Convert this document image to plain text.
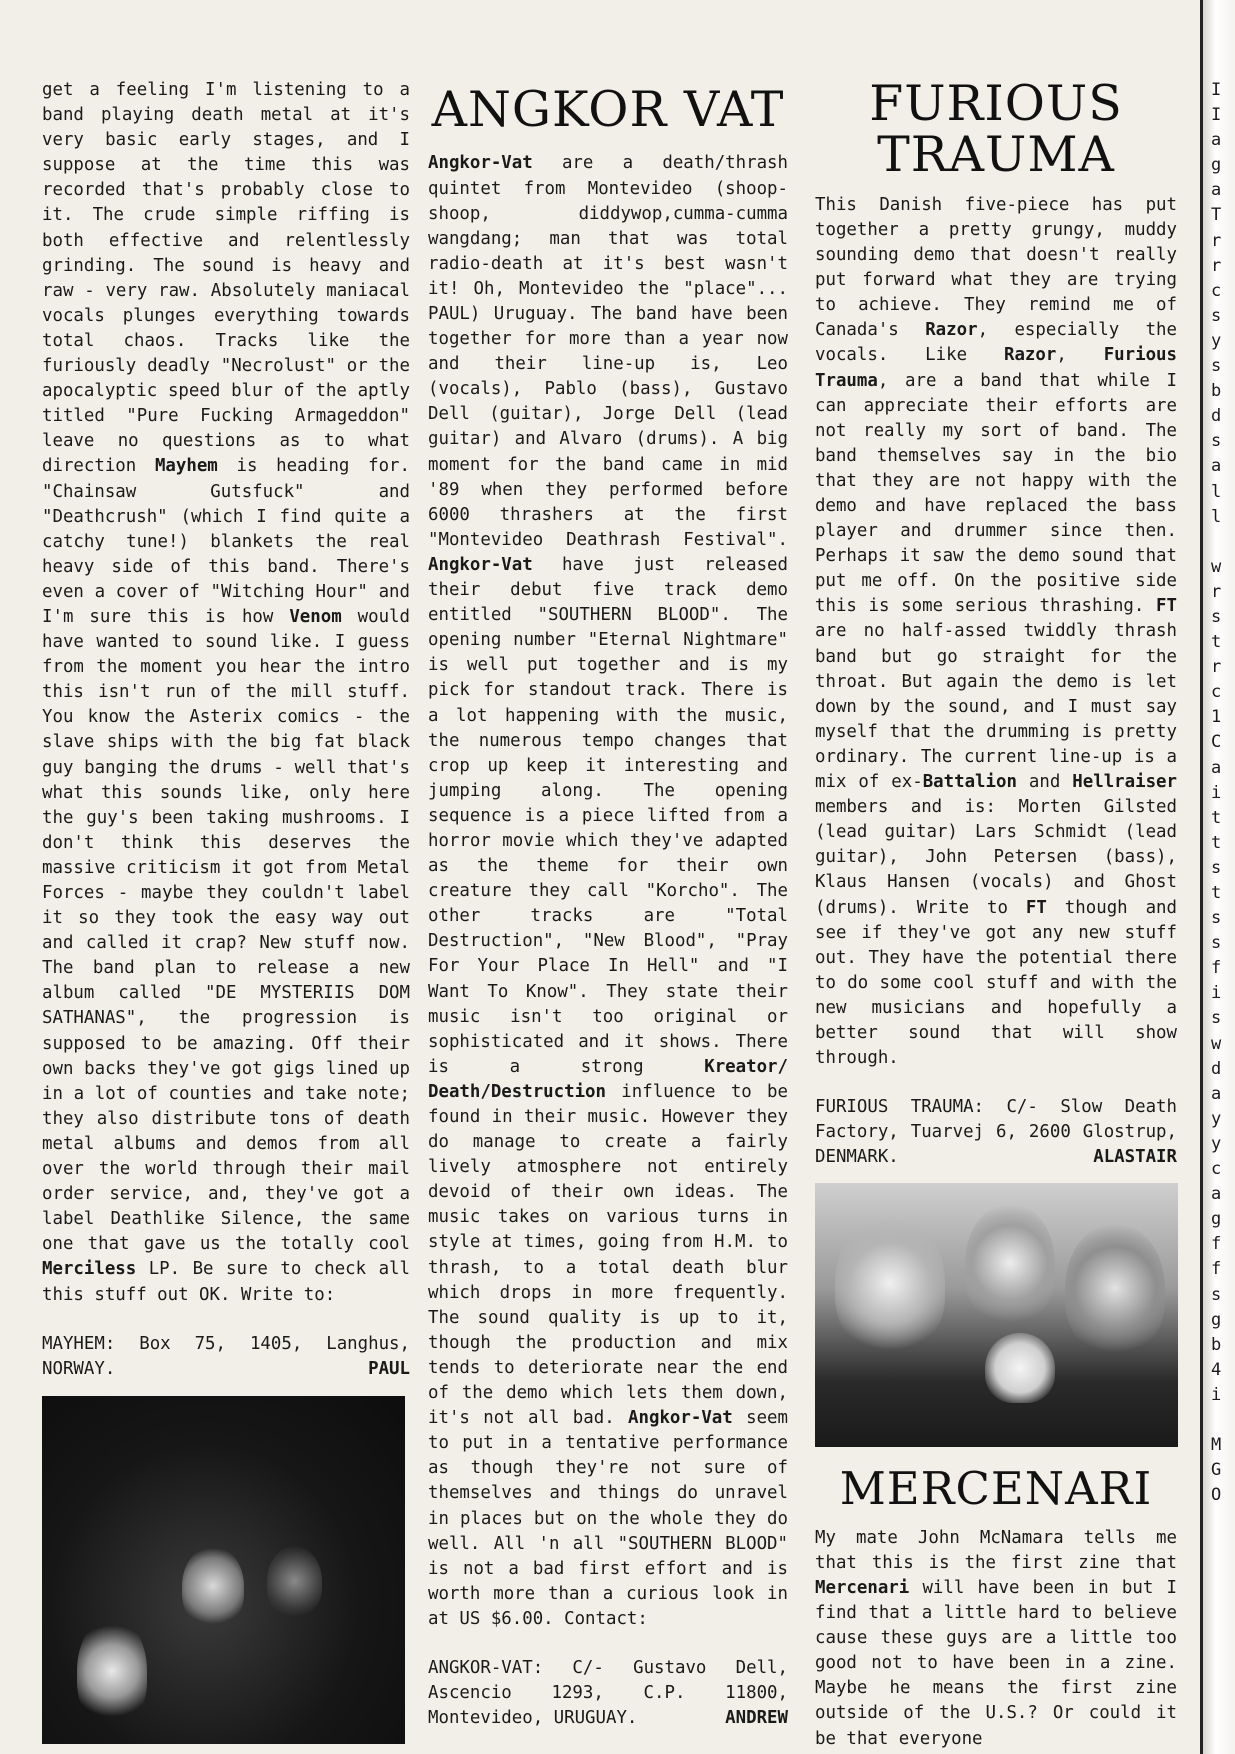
get a feeling I'm listening to a band playing death metal at it's very basic early stages, and I suppose at the time this was recorded that's probably close to it. The crude simple riffing is both effective and relentlessly grinding. The sound is heavy and raw - very raw. Absolutely maniacal vocals plunges everything towards total chaos. Tracks like the furiously deadly "Necrolust" or the apocalyptic speed blur of the aptly titled "Pure Fucking Armageddon" leave no questions as to what direction Mayhem is heading for. "Chainsaw Gutsfuck" and "Deathcrush" (which I find quite a catchy tune!) blankets the real heavy side of this band. There's even a cover of "Witching Hour" and I'm sure this is how Venom would have wanted to sound like. I guess from the moment you hear the intro this isn't run of the mill stuff. You know the Asterix comics - the slave ships with the big fat black guy banging the drums - well that's what this sounds like, only here the guy's been taking mushrooms. I don't think this deserves the massive criticism it got from Metal Forces - maybe they couldn't label it so they took the easy way out and called it crap? New stuff now. The band plan to release a new album called "DE MYSTERIIS DOM SATHANAS", the progression is supposed to be amazing. Off their own backs they've got gigs lined up in a lot of counties and take note; they also distribute tons of death metal albums and demos from all over the world through their mail order service, and, they've got a label Deathlike Silence, the same one that gave us the totally cool Merciless LP. Be sure to check all this stuff out OK. Write to:

MAYHEM: Box 75, 1405, Langhus, NORWAY.	PAUL
ANGKOR VAT

Angkor-Vat are a death/thrash quintet from Montevideo (shoop-shoop, diddywop,cumma-cumma wangdang; man that was total radio-death at it's best wasn't it! Oh, Montevideo the "place"... PAUL) Uruguay. The band have been together for more than a year now and their line-up is, Leo (vocals), Pablo (bass), Gustavo Dell (guitar), Jorge Dell (lead guitar) and Alvaro (drums). A big moment for the band came in mid '89 when they performed before 6000 thrashers at the first "Montevideo Deathrash Festival". Angkor-Vat have just released their debut five track demo entitled "SOUTHERN BLOOD". The opening number "Eternal Nightmare" is well put together and is my pick for standout track. There is a lot happening with the music, the numerous tempo changes that crop up keep it interesting and jumping along. The opening sequence is a piece lifted from a horror movie which they've adapted as the theme for their own creature they call "Korcho". The other tracks are "Total Destruction", "New Blood", "Pray For Your Place In Hell" and "I Want To Know". They state their music isn't too original or sophisticated and it shows. There is a strong Kreator/ Death/Destruction influence to be found in their music. However they do manage to create a fairly lively atmosphere not entirely devoid of their own ideas. The music takes on various turns in style at times, going from H.M. to thrash, to a total death blur which drops in more frequently. The sound quality is up to it, though the production and mix tends to deteriorate near the end of the demo which lets them down, it's not all bad. Angkor-Vat seem to put in a tentative performance as though they're not sure of themselves and things do unravel in places but on the whole they do well. All 'n all "SOUTHERN BLOOD" is not a bad first effort and is worth more than a curious look in at US $6.00. Contact:

ANGKOR-VAT: C/- Gustavo Dell, Ascencio 1293, C.P. 11800, Montevideo, URUGUAY.	ANDREW
FURIOUS TRAUMA

This Danish five-piece has put together a pretty grungy, muddy sounding demo that doesn't really put forward what they are trying to achieve. They remind me of Canada's Razor, especially the vocals. Like Razor, Furious Trauma, are a band that while I can appreciate their efforts are not really my sort of band. The band themselves say in the bio that they are not happy with the demo and have replaced the bass player and drummer since then. Perhaps it saw the demo sound that put me off. On the positive side this is some serious thrashing. FT are no half-assed twiddly thrash band but go straight for the throat. But again the demo is let down by the sound, and I must say myself that the drumming is pretty ordinary. The current line-up is a mix of ex-Battalion and Hellraiser members and is: Morten Gilsted (lead guitar) Lars Schmidt (lead guitar), John Petersen (bass), Klaus Hansen (vocals) and Ghost (drums). Write to FT though and see if they've got any new stuff out. They have the potential there to do some cool stuff and with the new musicians and hopefully a better sound that will show through.

FURIOUS TRAUMA: C/- Slow Death Factory, Tuarvej 6, 2600 Glostrup, DENMARK.	ALASTAIR
MERCENARI

My mate John McNamara tells me that this is the first zine that Mercenari will have been in but I find that a little hard to believe cause these guys are a little too good not to have been in a zine. Maybe he means the first zine outside of the U.S.? Or could it be that everyone

I
I
a
g
a
T
r
r
c
s
y
s
b
d
s
a
l
l

w
r
s
t
r
c
1
C
a
i
t
t
s
t
s
s
f
i
s
w
d
a
y
y
c
a
g
f
f
s
g
b
4
i

M
G
O
